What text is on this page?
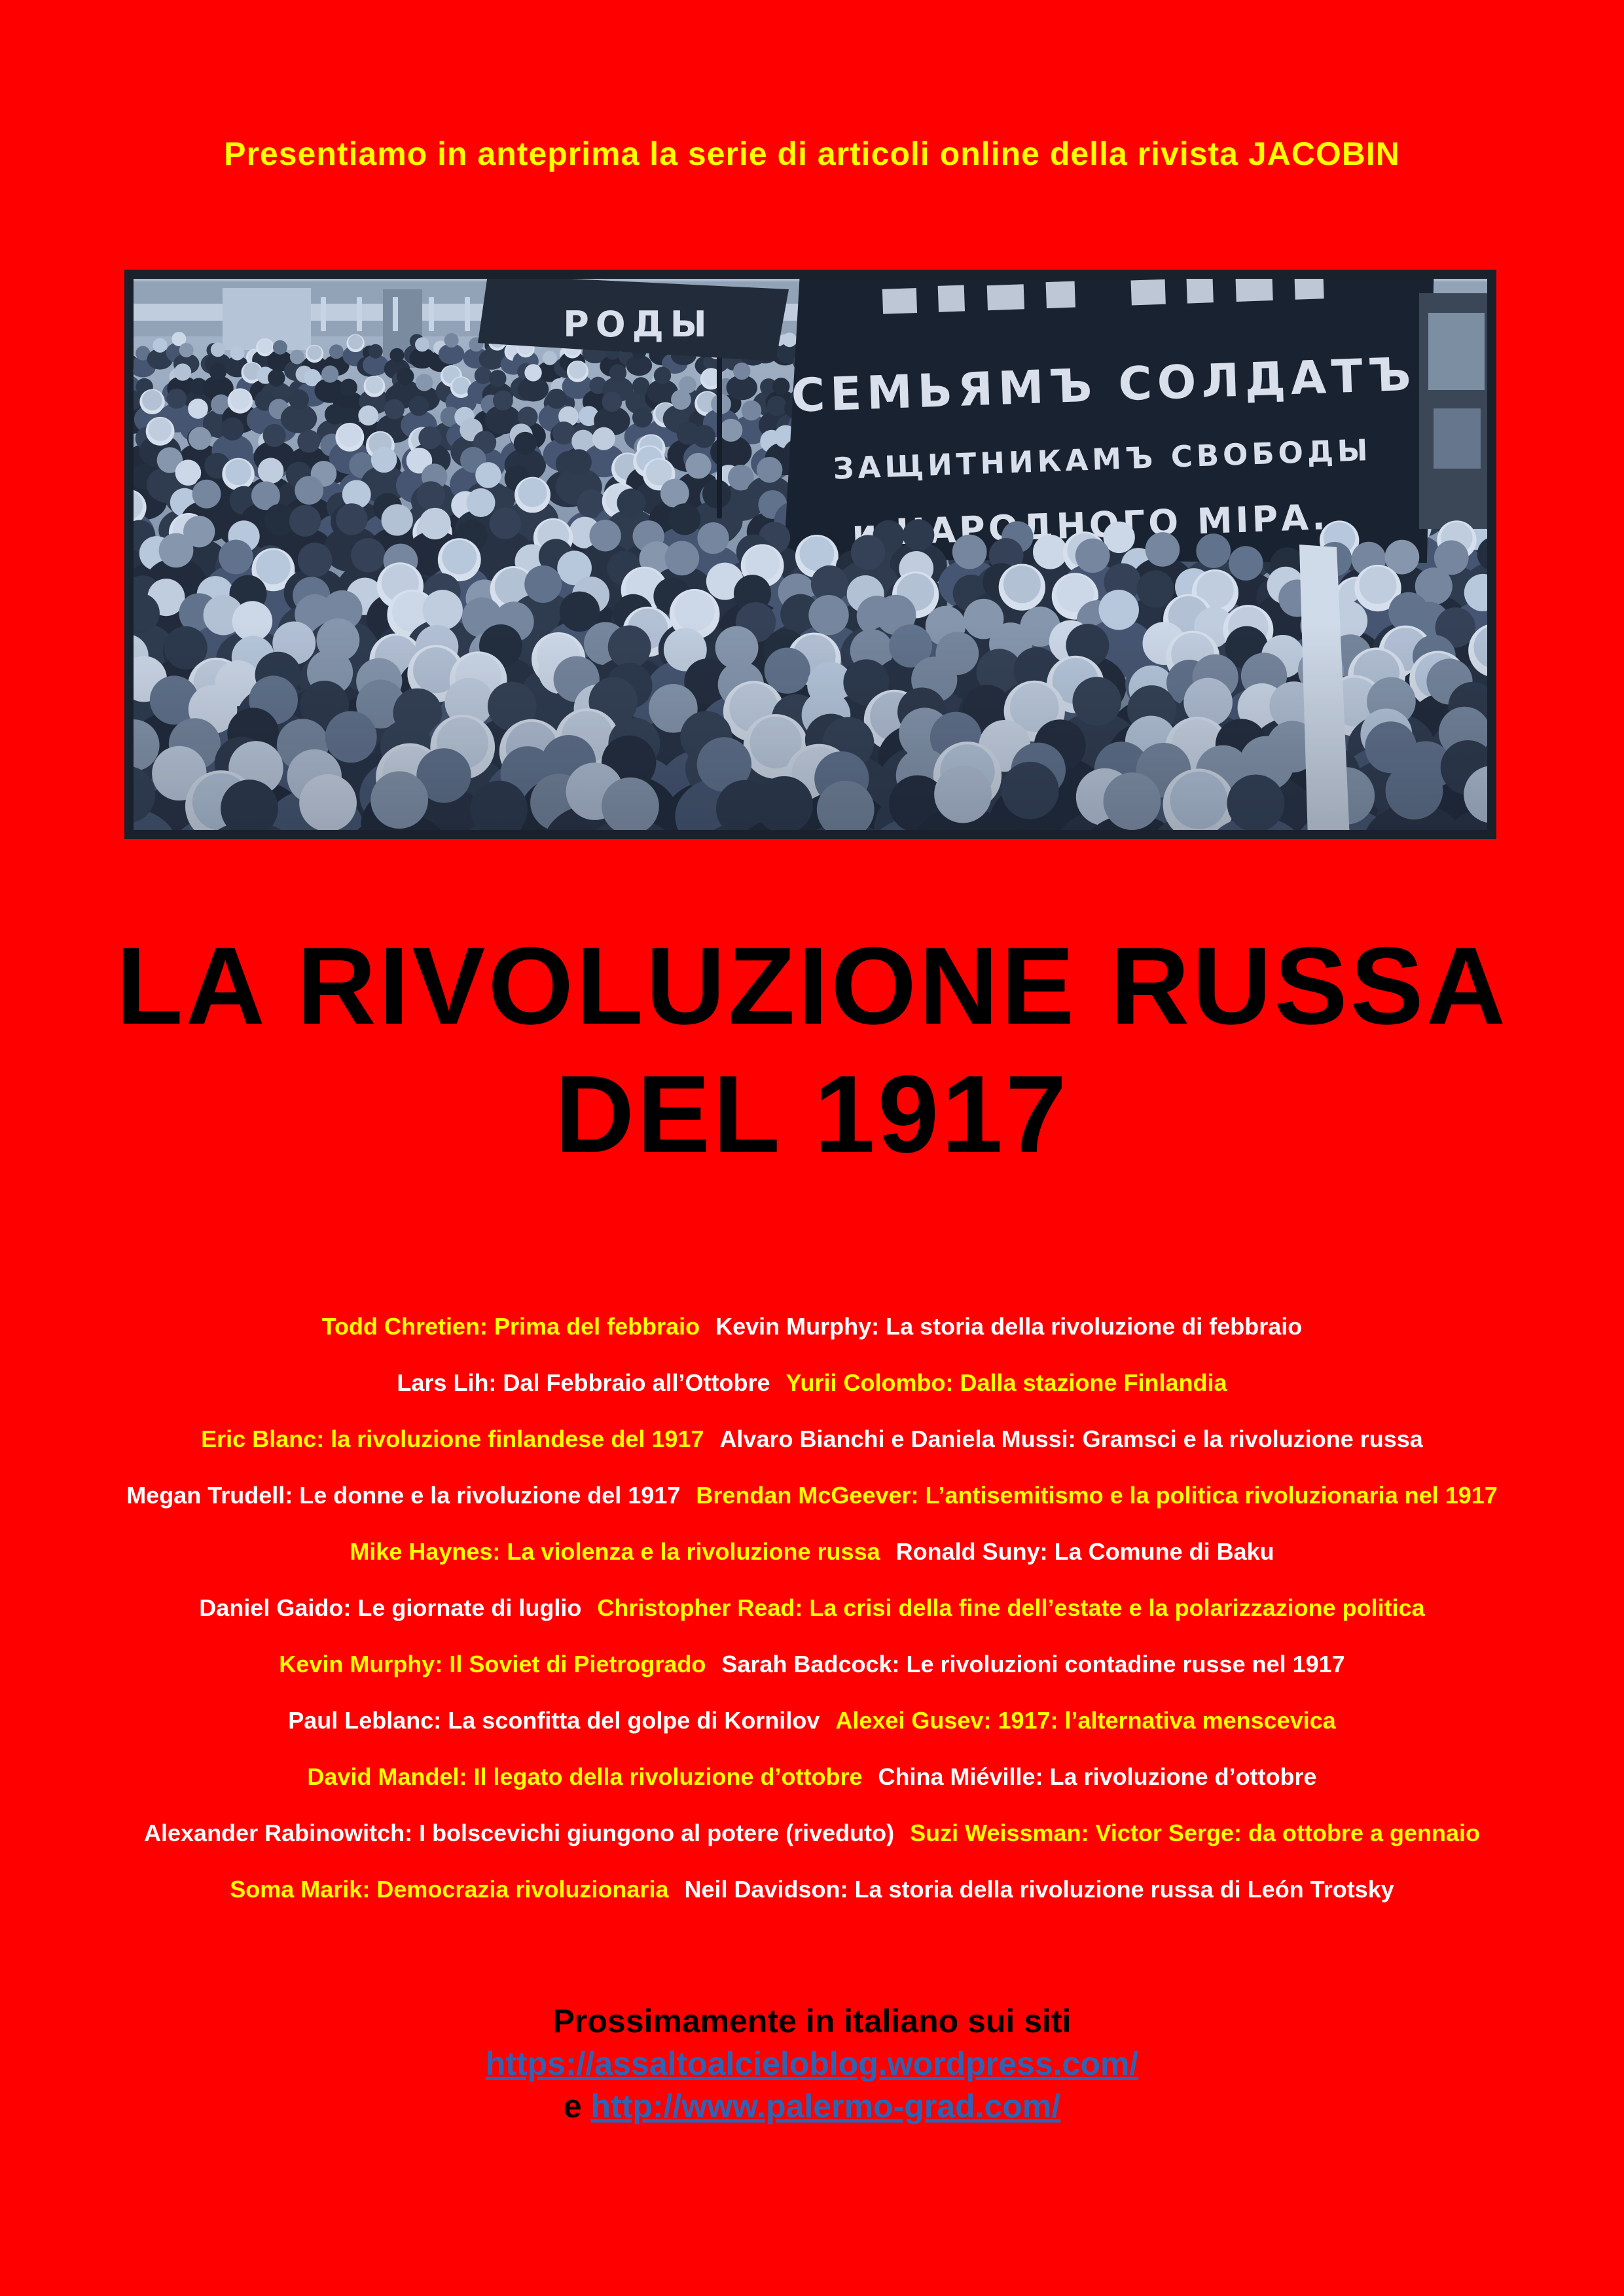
Presentiamo in anteprima la serie di articoli online della rivista JACOBIN
LA RIVOLUZIONE RUSSA
DEL 1917
Todd Chretien: Prima del febbraio Kevin Murphy: La storia della rivoluzione di febbraio
Lars Lih: Dal Febbraio all’Ottobre Yurii Colombo: Dalla stazione Finlandia
Eric Blanc: la rivoluzione finlandese del 1917 Alvaro Bianchi e Daniela Mussi: Gramsci e la rivoluzione russa
Megan Trudell: Le donne e la rivoluzione del 1917 Brendan McGeever: L’antisemitismo e la politica rivoluzionaria nel 1917
Mike Haynes: La violenza e la rivoluzione russa Ronald Suny: La Comune di Baku
Daniel Gaido: Le giornate di luglio Christopher Read: La crisi della fine dell’estate e la polarizzazione politica
Kevin Murphy: Il Soviet di Pietrogrado Sarah Badcock: Le rivoluzioni contadine russe nel 1917
Paul Leblanc: La sconfitta del golpe di Kornilov Alexei Gusev: 1917: l’alternativa menscevica
David Mandel: Il legato della rivoluzione d’ottobre China Miéville: La rivoluzione d’ottobre
Alexander Rabinowitch: I bolscevichi giungono al potere (riveduto) Suzi Weissman: Victor Serge: da ottobre a gennaio
Soma Marik: Democrazia rivoluzionaria Neil Davidson: La storia della rivoluzione russa di León Trotsky
Prossimamente in italiano sui siti
https://assaltoalcieloblog.wordpress.com/
e http://www.palermo-grad.com/
